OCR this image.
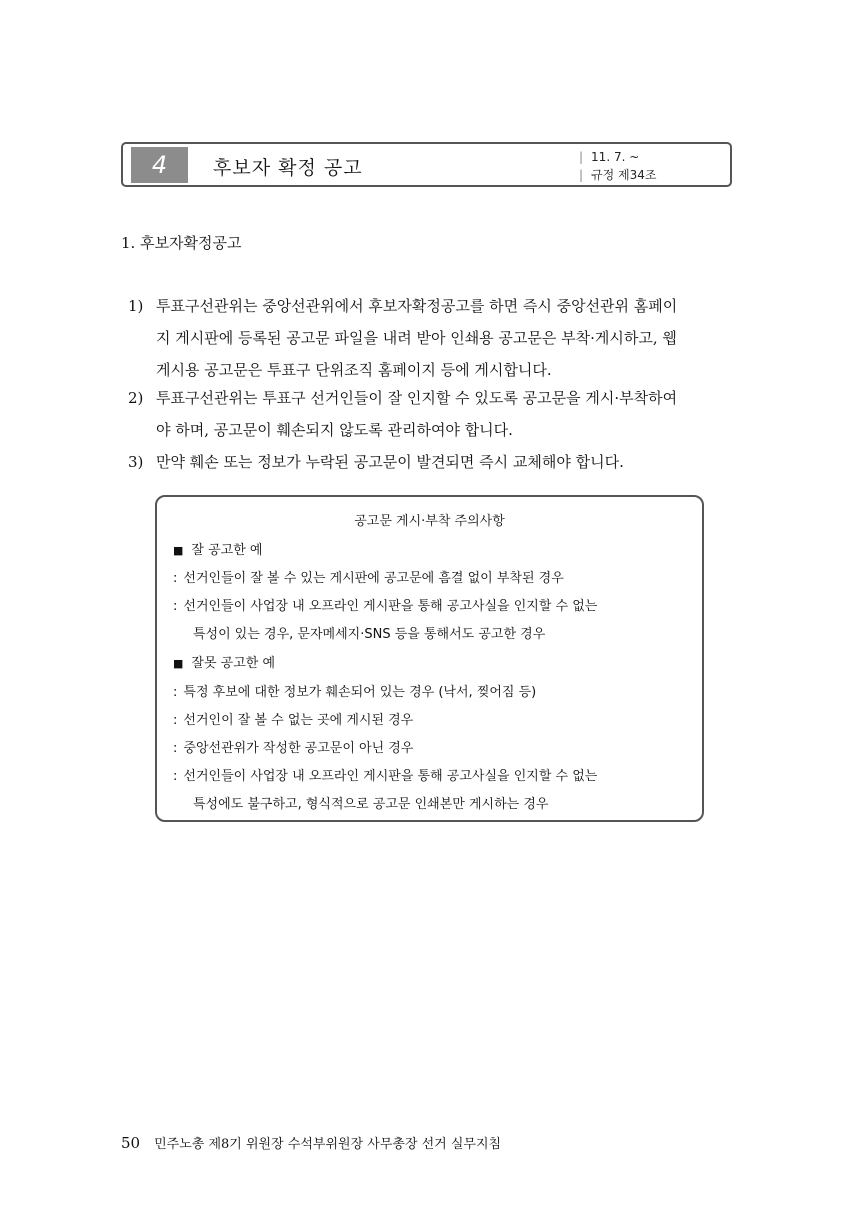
4	후보자 확정 공고	| 11. 7. ~
| 규정 제34조
1. 후보자확정공고
1) 투표구선관위는 중앙선관위에서 후보자확정공고를 하면 즉시 중앙선관위 홈페이
지 게시판에 등록된 공고문 파일을 내려 받아 인쇄용 공고문은 부착·게시하고, 웹
게시용 공고문은 투표구 단위조직 홈페이지 등에 게시합니다.
2) 투표구선관위는 투표구 선거인들이 잘 인지할 수 있도록 공고문을 게시·부착하여
야 하며, 공고문이 훼손되지 않도록 관리하여야 합니다.
3) 만약 훼손 또는 정보가 누락된 공고문이 발견되면 즉시 교체해야 합니다.
공고문 게시·부착 주의사항
■ 잘 공고한 예
: 선거인들이 잘 볼 수 있는 게시판에 공고문에 흠결 없이 부착된 경우
: 선거인들이 사업장 내 오프라인 게시판을 통해 공고사실을 인지할 수 없는
특성이 있는 경우, 문자메세지·SNS 등을 통해서도 공고한 경우
■ 잘못 공고한 예
: 특정 후보에 대한 정보가 훼손되어 있는 경우 (낙서, 찢어짐 등)
: 선거인이 잘 볼 수 없는 곳에 게시된 경우
: 중앙선관위가 작성한 공고문이 아닌 경우
: 선거인들이 사업장 내 오프라인 게시판을 통해 공고사실을 인지할 수 없는
특성에도 불구하고, 형식적으로 공고문 인쇄본만 게시하는 경우
50 민주노총 제8기 위원장 수석부위원장 사무총장 선거 실무지침
